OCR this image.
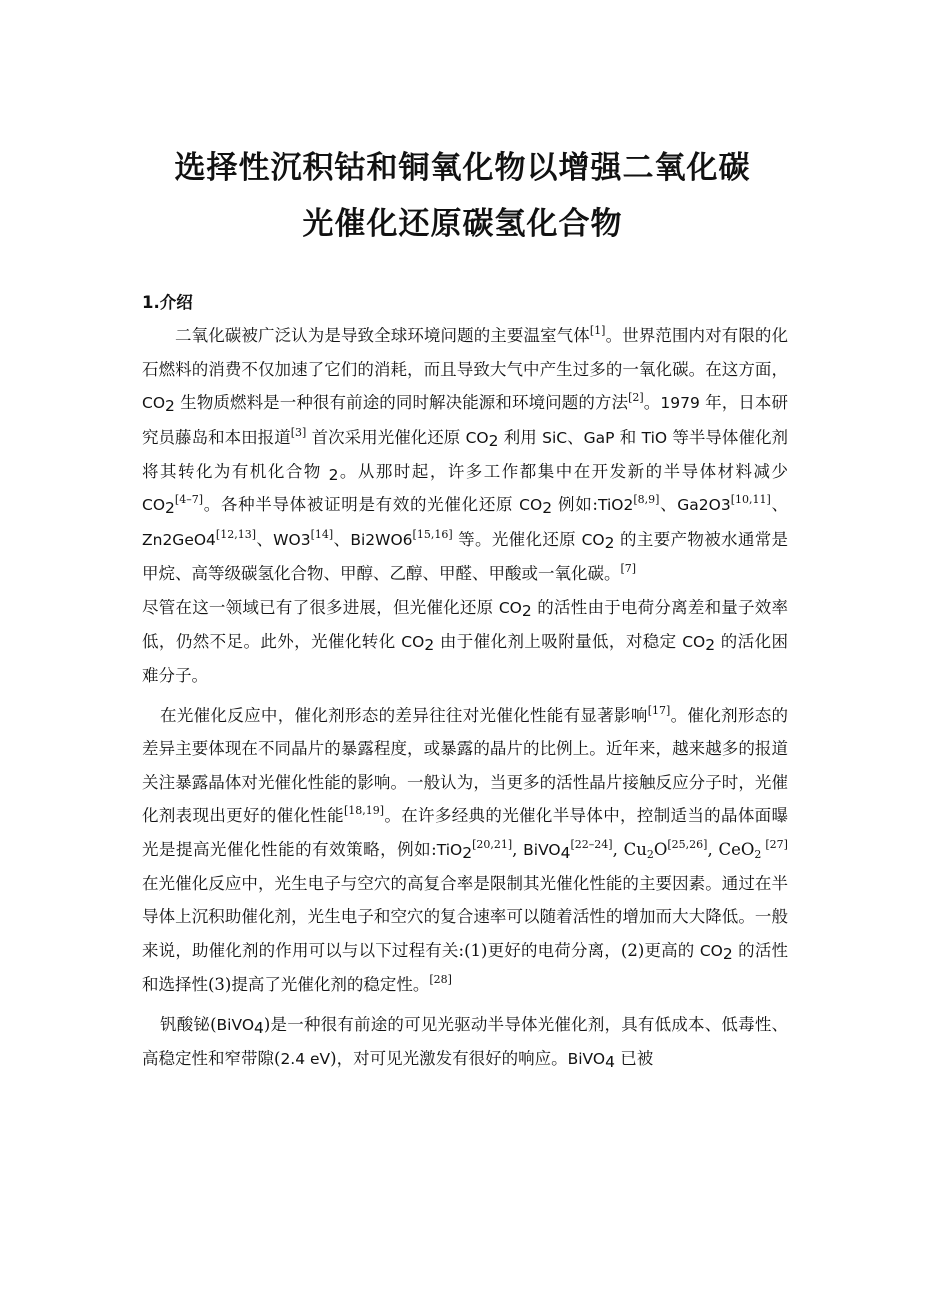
选择性沉积钴和铜氧化物以增强二氧化碳
光催化还原碳氢化合物

1.介绍

二氧化碳被广泛认为是导致全球环境问题的主要温室气体[1]。世界范围内对有限的化石燃料的消费不仅加速了它们的消耗，而且导致大气中产生过多的一氧化碳。在这方面，$CO_2$ 生物质燃料是一种很有前途的同时解决能源和环境问题的方法[2]。1979 年，日本研究员藤岛和本田报道[3] 首次采用光催化还原 $CO_2$ 利用 SiC、GaP 和 TiO 等半导体催化剂将其转化为有机化合物 $_2$。从那时起，许多工作都集中在开发新的半导体材料减少 $CO_2[4-7]$。各种半导体被证明是有效的光催化还原 $CO_2$ 例如:TiO2[8,9]、Ga2O3[10,11]、Zn2GeO4[12,13]、WO3[14]、Bi2WO6[15,16] 等。光催化还原 $CO_2$ 的主要产物被水通常是甲烷、高等级碳氢化合物、甲醇、乙醇、甲醛、甲酸或一氧化碳。[7]

尽管在这一领域已有了很多进展，但光催化还原 $CO_2$ 的活性由于电荷分离差和量子效率低，仍然不足。此外，光催化转化 $CO_2$ 由于催化剂上吸附量低，对稳定 $CO_2$ 的活化困难分子。

在光催化反应中，催化剂形态的差异往往对光催化性能有显著影响[17]。催化剂形态的差异主要体现在不同晶片的暴露程度，或暴露的晶片的比例上。近年来，越来越多的报道关注暴露晶体对光催化性能的影响。一般认为，当更多的活性晶片接触反应分子时，光催化剂表现出更好的催化性能[18,19]。在许多经典的光催化半导体中，控制适当的晶体面曝光是提高光催化性能的有效策略，例如:TiO$_2$[20,21], BiVO$_4$[22–24], $Cu_2O[25,26]$, CeO$_2$ [27] 在光催化反应中，光生电子与空穴的高复合率是限制其光催化性能的主要因素。通过在半导体上沉积助催化剂，光生电子和空穴的复合速率可以随着活性的增加而大大降低。一般来说，助催化剂的作用可以与以下过程有关:(1)更好的电荷分离，(2)更高的 $CO_2$ 的活性和选择性(3)提高了光催化剂的稳定性。[28]

钒酸铋(BiVO$_4$)是一种很有前途的可见光驱动半导体光催化剂，具有低成本、低毒性、高稳定性和窄带隙(2.4 eV)，对可见光激发有很好的响应。BiVO$_4$ 已被
